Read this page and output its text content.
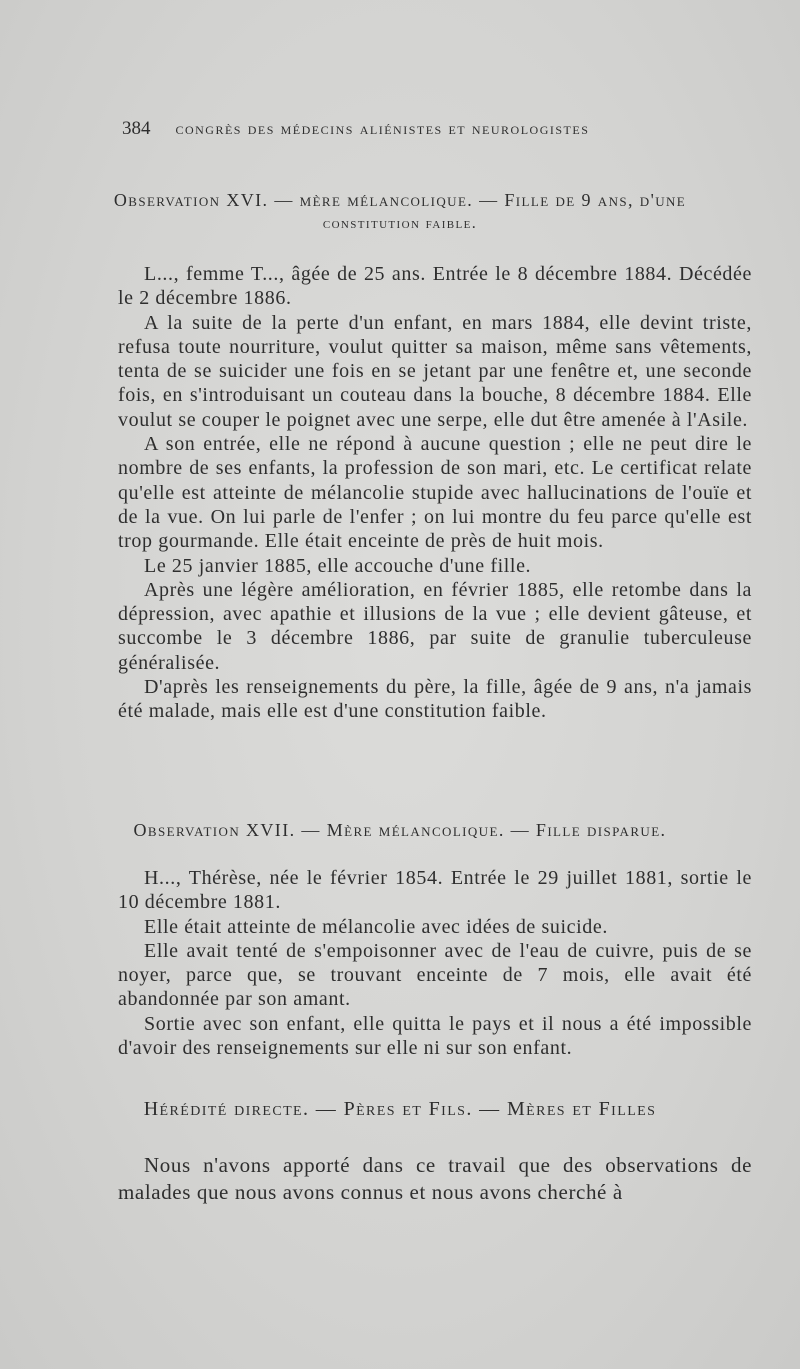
384 congrès des médecins aliénistes et neurologistes
Observation XVI. — mère mélancolique. — Fille de 9 ans, d'une
constitution faible.

L..., femme T..., âgée de 25 ans. Entrée le 8 décembre 1884. Décédée le 2 décembre 1886.

A la suite de la perte d'un enfant, en mars 1884, elle devint triste, refusa toute nourriture, voulut quitter sa maison, même sans vêtements, tenta de se suicider une fois en se jetant par une fenêtre et, une seconde fois, en s'introduisant un couteau dans la bouche, 8 décembre 1884. Elle voulut se couper le poignet avec une serpe, elle dut être amenée à l'Asile.

A son entrée, elle ne répond à aucune question ; elle ne peut dire le nombre de ses enfants, la profession de son mari, etc. Le certificat relate qu'elle est atteinte de mélancolie stupide avec hallucinations de l'ouïe et de la vue. On lui parle de l'enfer ; on lui montre du feu parce qu'elle est trop gourmande. Elle était enceinte de près de huit mois.

Le 25 janvier 1885, elle accouche d'une fille.

Après une légère amélioration, en février 1885, elle retombe dans la dépression, avec apathie et illusions de la vue ; elle devient gâteuse, et succombe le 3 décembre 1886, par suite de granulie tuberculeuse généralisée.

D'après les renseignements du père, la fille, âgée de 9 ans, n'a jamais été malade, mais elle est d'une constitution faible.

Observation XVII. — Mère mélancolique. — Fille disparue.

H..., Thérèse, née le février 1854. Entrée le 29 juillet 1881, sortie le 10 décembre 1881.

Elle était atteinte de mélancolie avec idées de suicide.

Elle avait tenté de s'empoisonner avec de l'eau de cuivre, puis de se noyer, parce que, se trouvant enceinte de 7 mois, elle avait été abandonnée par son amant.

Sortie avec son enfant, elle quitta le pays et il nous a été impossible d'avoir des renseignements sur elle ni sur son enfant.

Hérédité directe. — Pères et Fils. — Mères et Filles

Nous n'avons apporté dans ce travail que des observations de malades que nous avons connus et nous avons cherché à
